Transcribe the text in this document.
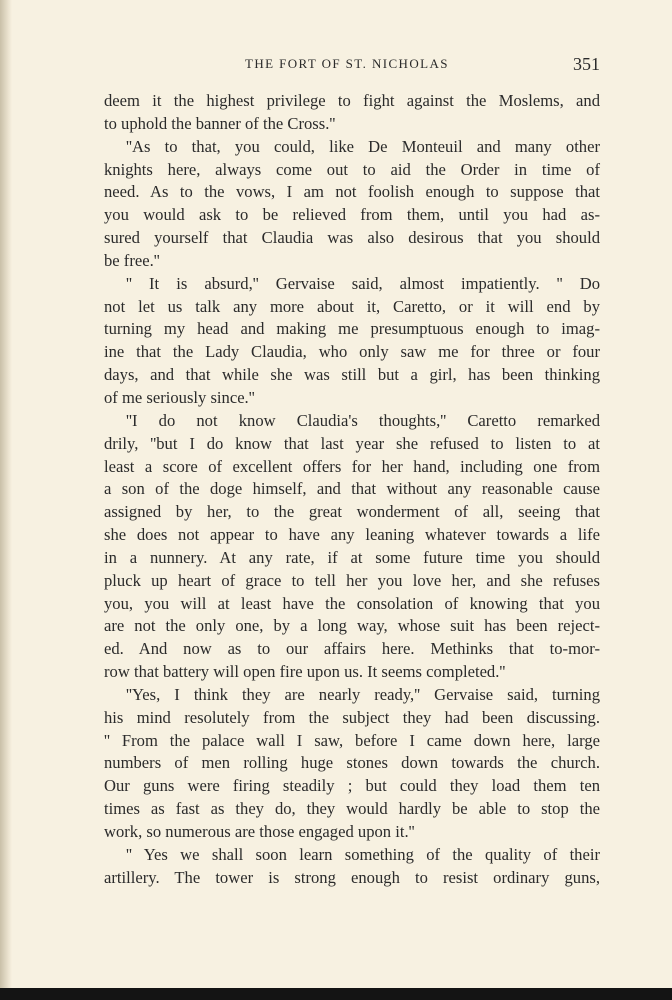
THE FORT OF ST. NICHOLAS	351
deem it the highest privilege to fight against the Moslems, and
to uphold the banner of the Cross.''
''As to that, you could, like De Monteuil and many other
knights here, always come out to aid the Order in time of
need. As to the vows, I am not foolish enough to suppose that
you would ask to be relieved from them, until you had as-
sured yourself that Claudia was also desirous that you should
be free.''
'' It is absurd,'' Gervaise said, almost impatiently. '' Do
not let us talk any more about it, Caretto, or it will end by
turning my head and making me presumptuous enough to imag-
ine that the Lady Claudia, who only saw me for three or four
days, and that while she was still but a girl, has been thinking
of me seriously since.''
''I do not know Claudia's thoughts,'' Caretto remarked
drily, ''but I do know that last year she refused to listen to at
least a score of excellent offers for her hand, including one from
a son of the doge himself, and that without any reasonable cause
assigned by her, to the great wonderment of all, seeing that
she does not appear to have any leaning whatever towards a life
in a nunnery. At any rate, if at some future time you should
pluck up heart of grace to tell her you love her, and she refuses
you, you will at least have the consolation of knowing that you
are not the only one, by a long way, whose suit has been reject-
ed. And now as to our affairs here. Methinks that to-mor-
row that battery will open fire upon us. It seems completed.''
''Yes, I think they are nearly ready,'' Gervaise said, turning
his mind resolutely from the subject they had been discussing.
'' From the palace wall I saw, before I came down here, large
numbers of men rolling huge stones down towards the church.
Our guns were firing steadily ; but could they load them ten
times as fast as they do, they would hardly be able to stop the
work, so numerous are those engaged upon it.''
'' Yes we shall soon learn something of the quality of their
artillery. The tower is strong enough to resist ordinary guns,
